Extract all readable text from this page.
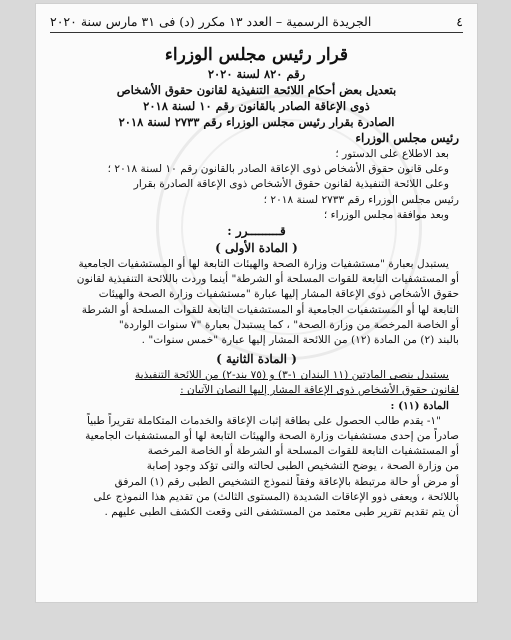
٤
الجريدة الرسمية – العدد ١٣ مكرر (د) فى ٣١ مارس سنة ٢٠٢٠

قرار رئيس مجلس الوزراء

رقم ٨٢٠ لسنة ٢٠٢٠

بتعديل بعض أحكام اللائحة التنفيذية لقانون حقوق الأشخاص

ذوى الإعاقة الصادر بالقانون رقم ١٠ لسنة ٢٠١٨

الصادرة بقرار رئيس مجلس الوزراء رقم ٢٧٣٣ لسنة ٢٠١٨

رئيس مجلس الوزراء

بعد الاطلاع على الدستور ؛

وعلى قانون حقوق الأشخاص ذوى الإعاقة الصادر بالقانون رقم ١٠ لسنة ٢٠١٨ ؛

وعلى اللائحة التنفيذية لقانون حقوق الأشخاص ذوى الإعاقة الصادرة بقرار

رئيس مجلس الوزراء رقم ٢٧٣٣ لسنة ٢٠١٨ ؛

وبعد موافقة مجلس الوزراء ؛

قـــــــــرر :

( المادة الأولى )

يستبدل بعبارة "مستشفيات وزارة الصحة والهيئات التابعة لها أو المستشفيات الجامعية

أو المستشفيات التابعة للقوات المسلحة أو الشرطة" أينما وردت باللائحة التنفيذية لقانون

حقوق الأشخاص ذوى الإعاقة المشار إليها عبارة "مستشفيات وزارة الصحة والهيئات

التابعة لها أو المستشفيات الجامعية أو المستشفيات التابعة للقوات المسلحة أو الشرطة

أو الخاصة المرخصة من وزارة الصحة" ، كما يستبدل بعبارة "٧ سنوات الواردة"

بالبند (٢) من المادة (١٢) من اللائحة المشار إليها عبارة "خمس سنوات" .

( المادة الثانية )

يستبدل بنصى المادتين (١١ البندان ١-٣) و (٧٥ بند-٢) من اللائحة التنفيذية

لقانون حقوق الأشخاص ذوى الإعاقة المشار إليها النصان الآتيان :

المادة (١١) :

"١- يقدم طالب الحصول على بطاقة إثبات الإعاقة والخدمات المتكاملة تقريراً طبياً

صادراً من إحدى مستشفيات وزارة الصحة والهيئات التابعة لها أو المستشفيات الجامعية

أو المستشفيات التابعة للقوات المسلحة أو الشرطة أو الخاصة المرخصة

من وزارة الصحة ، يوضح التشخيص الطبى لحالته والتى تؤكد وجود إصابة

أو مرض أو حالة مرتبطة بالإعاقة وفقاً لنموذج التشخيص الطبى رقم (١) المرفق

باللائحة ، ويعفى ذوو الإعاقات الشديدة (المستوى الثالث) من تقديم هذا النموذج على

أن يتم تقديم تقرير طبى معتمد من المستشفى التى وقعت الكشف الطبى عليهم .
